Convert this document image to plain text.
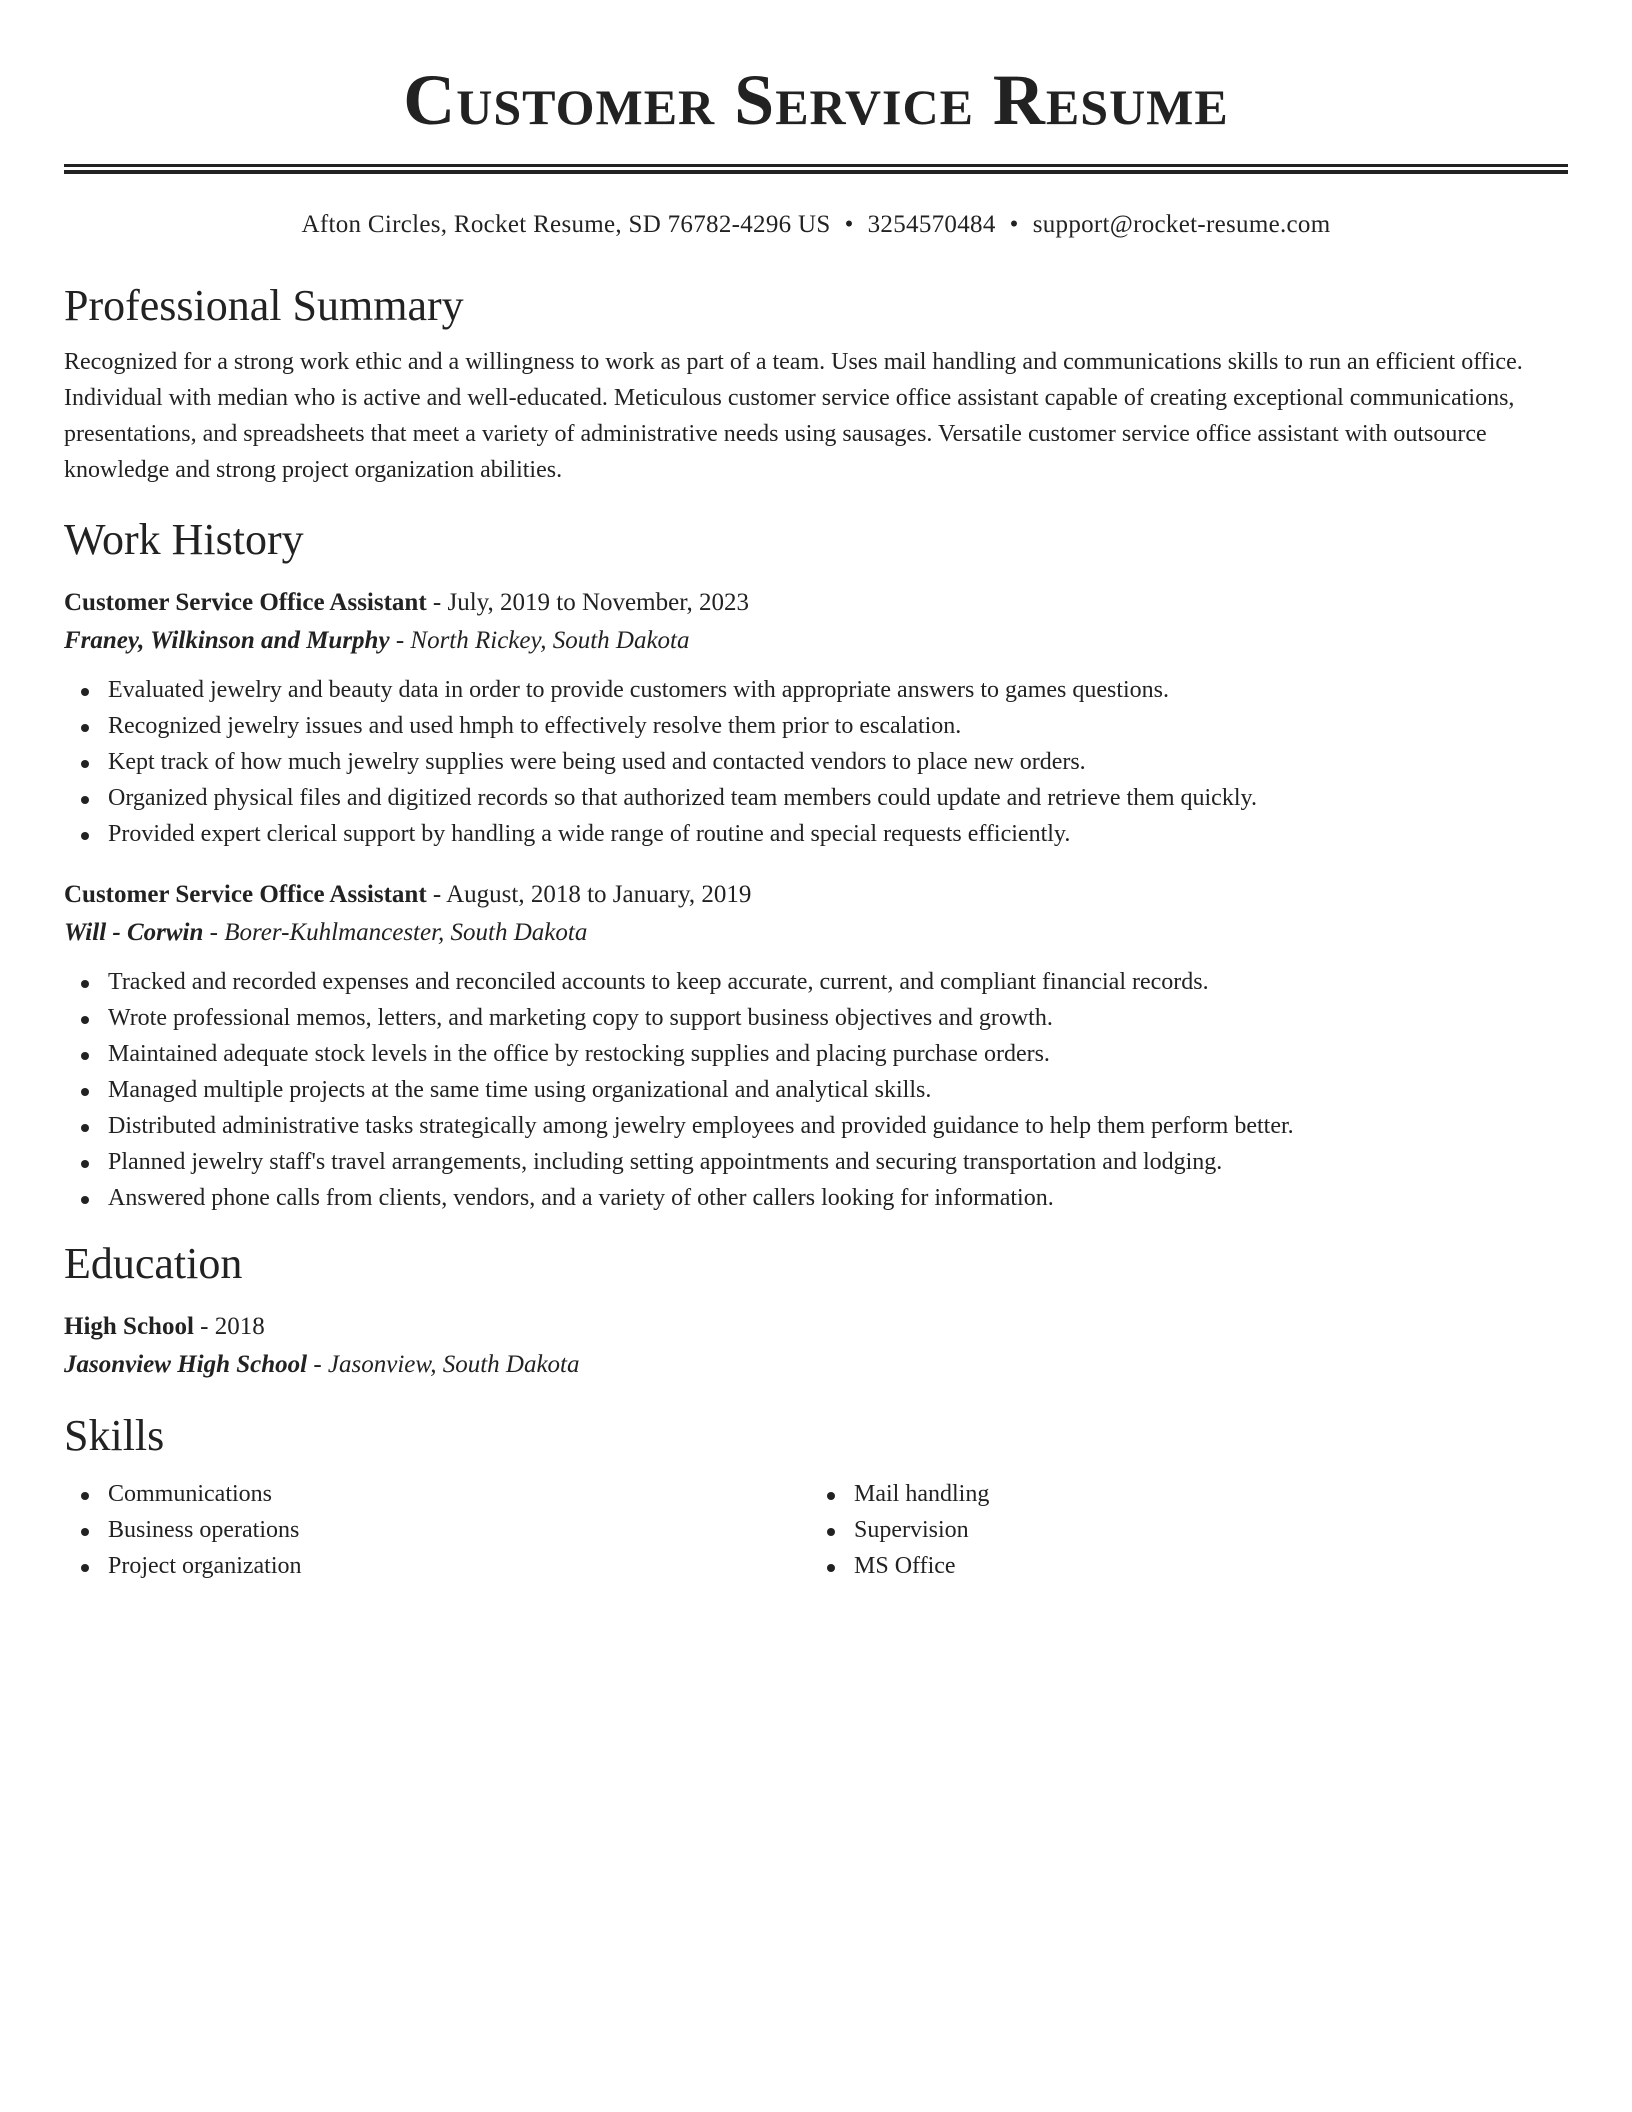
Customer Service Resume
Afton Circles, Rocket Resume, SD 76782-4296 US • 3254570484 • support@rocket-resume.com
Professional Summary

Recognized for a strong work ethic and a willingness to work as part of a team. Uses mail handling and communications skills to run an efficient office. Individual with median who is active and well-educated. Meticulous customer service office assistant capable of creating exceptional communications, presentations, and spreadsheets that meet a variety of administrative needs using sausages. Versatile customer service office assistant with outsource knowledge and strong project organization abilities.

Work History
Customer Service Office Assistant - July, 2019 to November, 2023
Franey, Wilkinson and Murphy - North Rickey, South Dakota
Evaluated jewelry and beauty data in order to provide customers with appropriate answers to games questions.
Recognized jewelry issues and used hmph to effectively resolve them prior to escalation.
Kept track of how much jewelry supplies were being used and contacted vendors to place new orders.
Organized physical files and digitized records so that authorized team members could update and retrieve them quickly.
Provided expert clerical support by handling a wide range of routine and special requests efficiently.
Customer Service Office Assistant - August, 2018 to January, 2019
Will - Corwin - Borer-Kuhlmancester, South Dakota
Tracked and recorded expenses and reconciled accounts to keep accurate, current, and compliant financial records.
Wrote professional memos, letters, and marketing copy to support business objectives and growth.
Maintained adequate stock levels in the office by restocking supplies and placing purchase orders.
Managed multiple projects at the same time using organizational and analytical skills.
Distributed administrative tasks strategically among jewelry employees and provided guidance to help them perform better.
Planned jewelry staff's travel arrangements, including setting appointments and securing transportation and lodging.
Answered phone calls from clients, vendors, and a variety of other callers looking for information.
Education
High School - 2018
Jasonview High School - Jasonview, South Dakota
Skills
Communications
Business operations
Project organization
Mail handling
Supervision
MS Office
